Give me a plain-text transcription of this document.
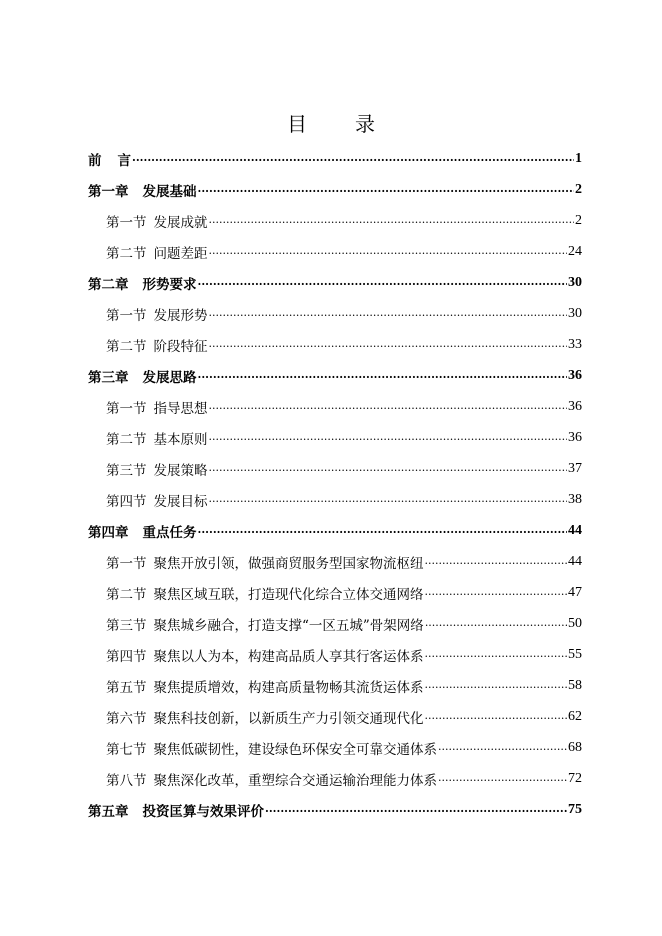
目　录
前 言 .....	1
第一章 发展基础 .....	2
第一节 发展成就 .....	2
第二节 问题差距 .....	24
第二章 形势要求 .....	30
第一节 发展形势 .....	30
第二节 阶段特征 .....	33
第三章 发展思路 .....	36
第一节 指导思想 .....	36
第二节 基本原则 .....	36
第三节 发展策略 .....	37
第四节 发展目标 .....	38
第四章 重点任务 .....	44
第一节 聚焦开放引领，做强商贸服务型国家物流枢纽 .....	44
第二节 聚焦区域互联，打造现代化综合立体交通网络 .....	47
第三节 聚焦城乡融合，打造支撑“一区五城”骨架网络 .....	50
第四节 聚焦以人为本，构建高品质人享其行客运体系 .....	55
第五节 聚焦提质增效，构建高质量物畅其流货运体系 .....	58
第六节 聚焦科技创新，以新质生产力引领交通现代化 .....	62
第七节 聚焦低碳韧性，建设绿色环保安全可靠交通体系 .....	68
第八节 聚焦深化改革，重塑综合交通运输治理能力体系 .....	72
第五章 投资匡算与效果评价 .....	75
